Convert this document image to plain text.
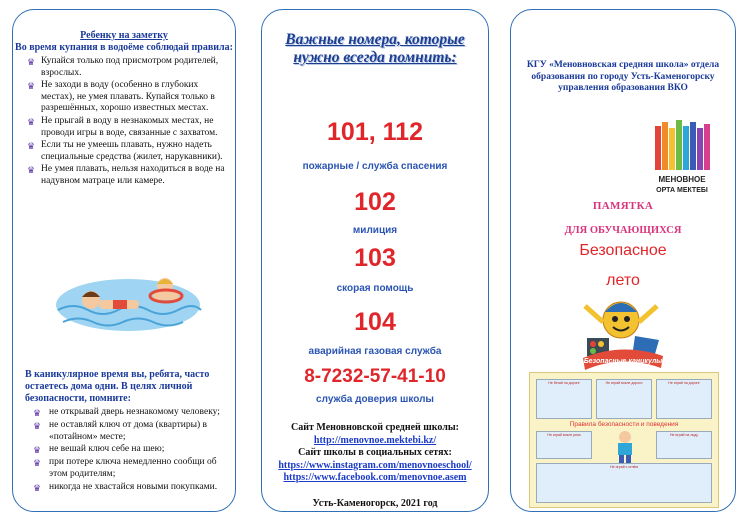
Ребенку на заметку
Во время купания в водоёме соблюдай правила:
♛ Купайся только под присмотром родителей, взрослых.
♛ Не заходи в воду (особенно в глубоких местах), не умея плавать. Купайся только в разрешённых, хорошо известных местах.
♛ Не прыгай в воду в незнакомых местах, не проводи игры в воде, связанные с захватом.
♛ Если ты не умеешь плавать, нужно надеть специальные средства (жилет, нарукавники).
♛ Не умея плавать, нельзя находиться в воде на надувном матраце или камере.
В каникулярное время вы, ребята, часто остаетесь дома одни. В целях личной безопасности, помните:
♛ не открывай дверь незнакомому человеку;
♛ не оставляй ключ от дома (квартиры) в «потайном» месте;
♛ не вешай ключ себе на шею;
♛ при потере ключа немедленно сообщи об этом родителям;
♛ никогда не хвастайся новыми покупками.
Важные номера, которые нужно всегда помнить:
101, 112
пожарные / служба спасения
102
милиция
103
скорая помощь
104
аварийная газовая служба
8-7232-57-41-10
служба доверия школы
Сайт Меновновской средней школы:
http://menovnoe.mektebi.kz/
Сайт школы в социальных сетях:
https://www.instagram.com/menovnoeschool/
https://www.facebook.com/menovnoe.asem
Усть-Каменогорск, 2021 год
КГУ «Меновновская средняя школа» отдела образования по городу Усть-Каменогорску управления образования ВКО
МЕНОВНОЕ
ОРТА МЕКТЕБІ
ПАМЯТКА
ДЛЯ ОБУЧАЮЩИХСЯ
Безопасное
лето
Безопасные каникулы
Не бегай на дороге	Не играй возле дороги	Не играй на дороге
Правила безопасности и поведения
Не играй возле реки	Не играй на льду
Не играй с огнём
